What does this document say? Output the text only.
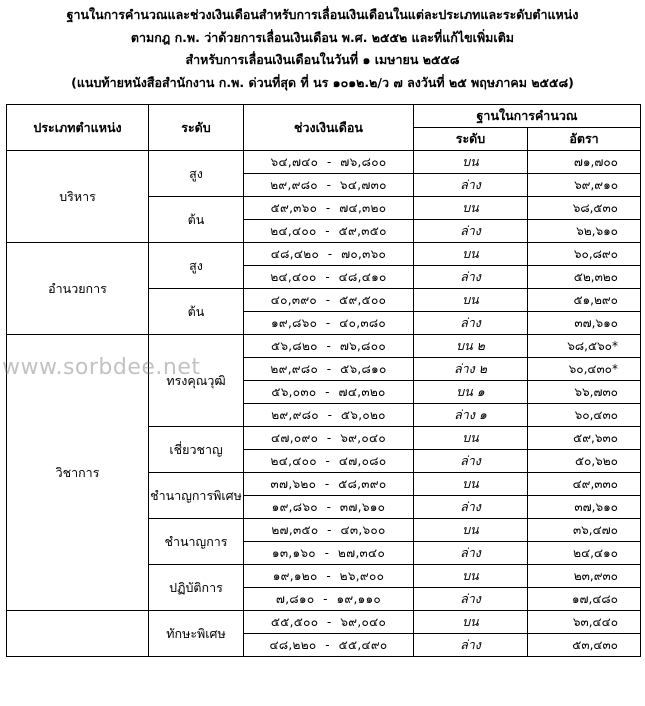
ฐานในการคำนวณและช่วงเงินเดือนสำหรับการเลื่อนเงินเดือนในแต่ละประเภทและระดับตำแหน่ง
ตามกฎ ก.พ. ว่าด้วยการเลื่อนเงินเดือน พ.ศ. ๒๕๕๒ และที่แก้ไขเพิ่มเติม
สำหรับการเลื่อนเงินเดือนในวันที่ ๑ เมษายน ๒๕๕๘
(แนบท้ายหนังสือสำนักงาน ก.พ. ด่วนที่สุด ที่ นร ๑๐๑๒.๒/ว ๗ ลงวันที่ ๒๕ พฤษภาคม ๒๕๕๘)
ประเภทตำแหน่ง	ระดับ	ช่วงเงินเดือน	ฐานในการคำนวณ	
			ระดับ	อัตรา
บริหาร	สูง	๖๔,๗๔๐ - ๗๖,๘๐๐	บน	๗๑,๗๐๐
		๒๙,๙๘๐ - ๖๔,๗๓๐	ล่าง	๖๙,๙๑๐
	ต้น	๕๙,๓๖๐ - ๗๔,๓๒๐	บน	๖๘,๕๓๐
		๒๔,๔๐๐ - ๕๙,๓๕๐	ล่าง	๖๒,๖๑๐
อำนวยการ	สูง	๔๘,๔๒๐ - ๗๐,๓๖๐	บน	๖๐,๘๙๐
		๒๔,๔๐๐ - ๔๘,๔๑๐	ล่าง	๕๒,๓๒๐
	ต้น	๔๐,๓๙๐ - ๕๙,๕๐๐	บน	๕๑,๒๙๐
		๑๙,๘๖๐ - ๔๐,๓๘๐	ล่าง	๓๗,๖๑๐
วิชาการ	ทรงคุณวุฒิ	๕๖,๘๒๐ - ๗๖,๘๐๐	บน ๒	๖๘,๕๖๐*
		๒๙,๙๘๐ - ๕๖,๘๑๐	ล่าง ๒	๖๐,๔๓๐*
		๕๖,๐๓๐ - ๗๔,๓๒๐	บน ๑	๖๖,๗๓๐
		๒๙,๙๘๐ - ๕๖,๐๒๐	ล่าง ๑	๖๐,๔๓๐
	เชี่ยวชาญ	๔๗,๐๙๐ - ๖๙,๐๔๐	บน	๕๙,๖๓๐
		๒๔,๔๐๐ - ๔๗,๐๘๐	ล่าง	๕๐,๖๒๐
	ชำนาญการพิเศษ	๓๗,๖๒๐ - ๕๘,๓๙๐	บน	๔๙,๓๓๐
		๑๙,๘๖๐ - ๓๗,๖๑๐	ล่าง	๓๗,๖๑๐
	ชำนาญการ	๒๗,๓๕๐ - ๔๓,๖๐๐	บน	๓๖,๔๗๐
		๑๓,๑๖๐ - ๒๗,๓๔๐	ล่าง	๒๔,๔๑๐
	ปฏิบัติการ	๑๙,๑๒๐ - ๒๖,๙๐๐	บน	๒๓,๙๓๐
		๗,๘๑๐ - ๑๙,๑๑๐	ล่าง	๑๗,๔๘๐
	ทักษะพิเศษ	๕๕,๕๐๐ - ๖๙,๐๔๐	บน	๖๓,๔๔๐
		๔๘,๒๒๐ - ๕๕,๔๙๐	ล่าง	๕๓,๔๓๐
www.sorbdee.net
